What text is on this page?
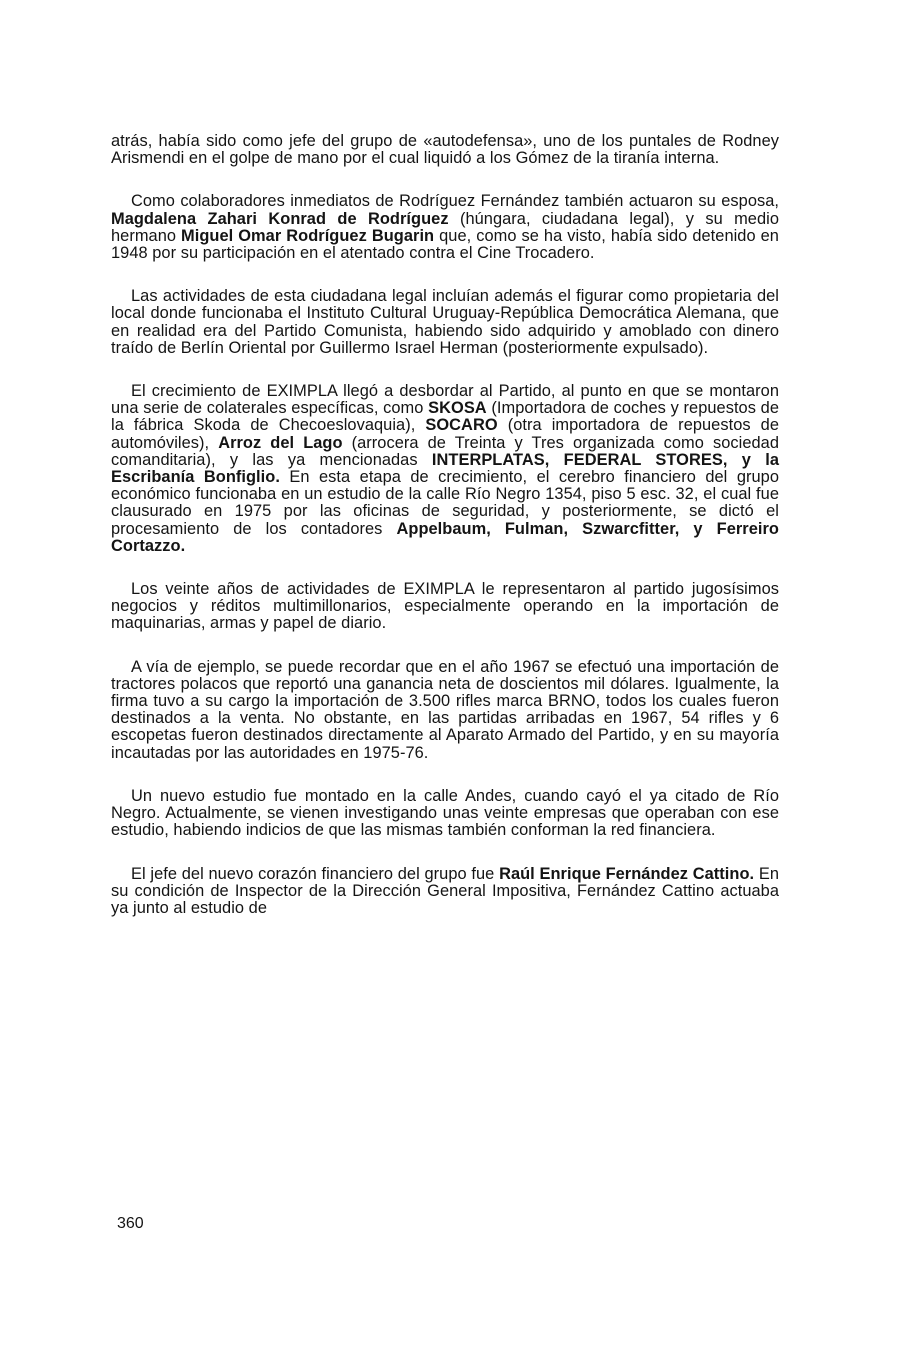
atrás, había sido como jefe del grupo de «autodefensa», uno de los puntales de Rodney Arismendi en el golpe de mano por el cual liquidó a los Gómez de la tiranía interna.

Como colaboradores inmediatos de Rodríguez Fernández también actuaron su esposa, Magdalena Zahari Konrad de Rodríguez (húngara, ciudadana legal), y su medio hermano Miguel Omar Rodríguez Bugarin que, como se ha visto, había sido detenido en 1948 por su participación en el atentado contra el Cine Trocadero.

Las actividades de esta ciudadana legal incluían además el figurar como propietaria del local donde funcionaba el Instituto Cultural Uruguay-República Democrática Alemana, que en realidad era del Partido Comunista, habiendo sido adquirido y amoblado con dinero traído de Berlín Oriental por Guillermo Israel Herman (posteriormente expulsado).

El crecimiento de EXIMPLA llegó a desbordar al Partido, al punto en que se montaron una serie de colaterales específicas, como SKOSA (Importadora de coches y repuestos de la fábrica Skoda de Checoeslovaquia), SOCARO (otra importadora de repuestos de automóviles), Arroz del Lago (arrocera de Treinta y Tres organizada como sociedad comanditaria), y las ya mencionadas INTERPLATAS, FEDERAL STORES, y la Escribanía Bonfiglio. En esta etapa de crecimiento, el cerebro financiero del grupo económico funcionaba en un estudio de la calle Río Negro 1354, piso 5 esc. 32, el cual fue clausurado en 1975 por las oficinas de seguridad, y posteriormente, se dictó el procesamiento de los contadores Appelbaum, Fulman, Szwarcfitter, y Ferreiro Cortazzo.

Los veinte años de actividades de EXIMPLA le representaron al partido jugosísimos negocios y réditos multimillonarios, especialmente operando en la importación de maquinarias, armas y papel de diario.

A vía de ejemplo, se puede recordar que en el año 1967 se efectuó una importación de tractores polacos que reportó una ganancia neta de doscientos mil dólares. Igualmente, la firma tuvo a su cargo la importación de 3.500 rifles marca BRNO, todos los cuales fueron destinados a la venta. No obstante, en las partidas arribadas en 1967, 54 rifles y 6 escopetas fueron destinados directamente al Aparato Armado del Partido, y en su mayoría incautadas por las autoridades en 1975-76.

Un nuevo estudio fue montado en la calle Andes, cuando cayó el ya citado de Río Negro. Actualmente, se vienen investigando unas veinte empresas que operaban con ese estudio, habiendo indicios de que las mismas también conforman la red financiera.

El jefe del nuevo corazón financiero del grupo fue Raúl Enrique Fernández Cattino. En su condición de Inspector de la Dirección General Impositiva, Fernández Cattino actuaba ya junto al estudio de

360
